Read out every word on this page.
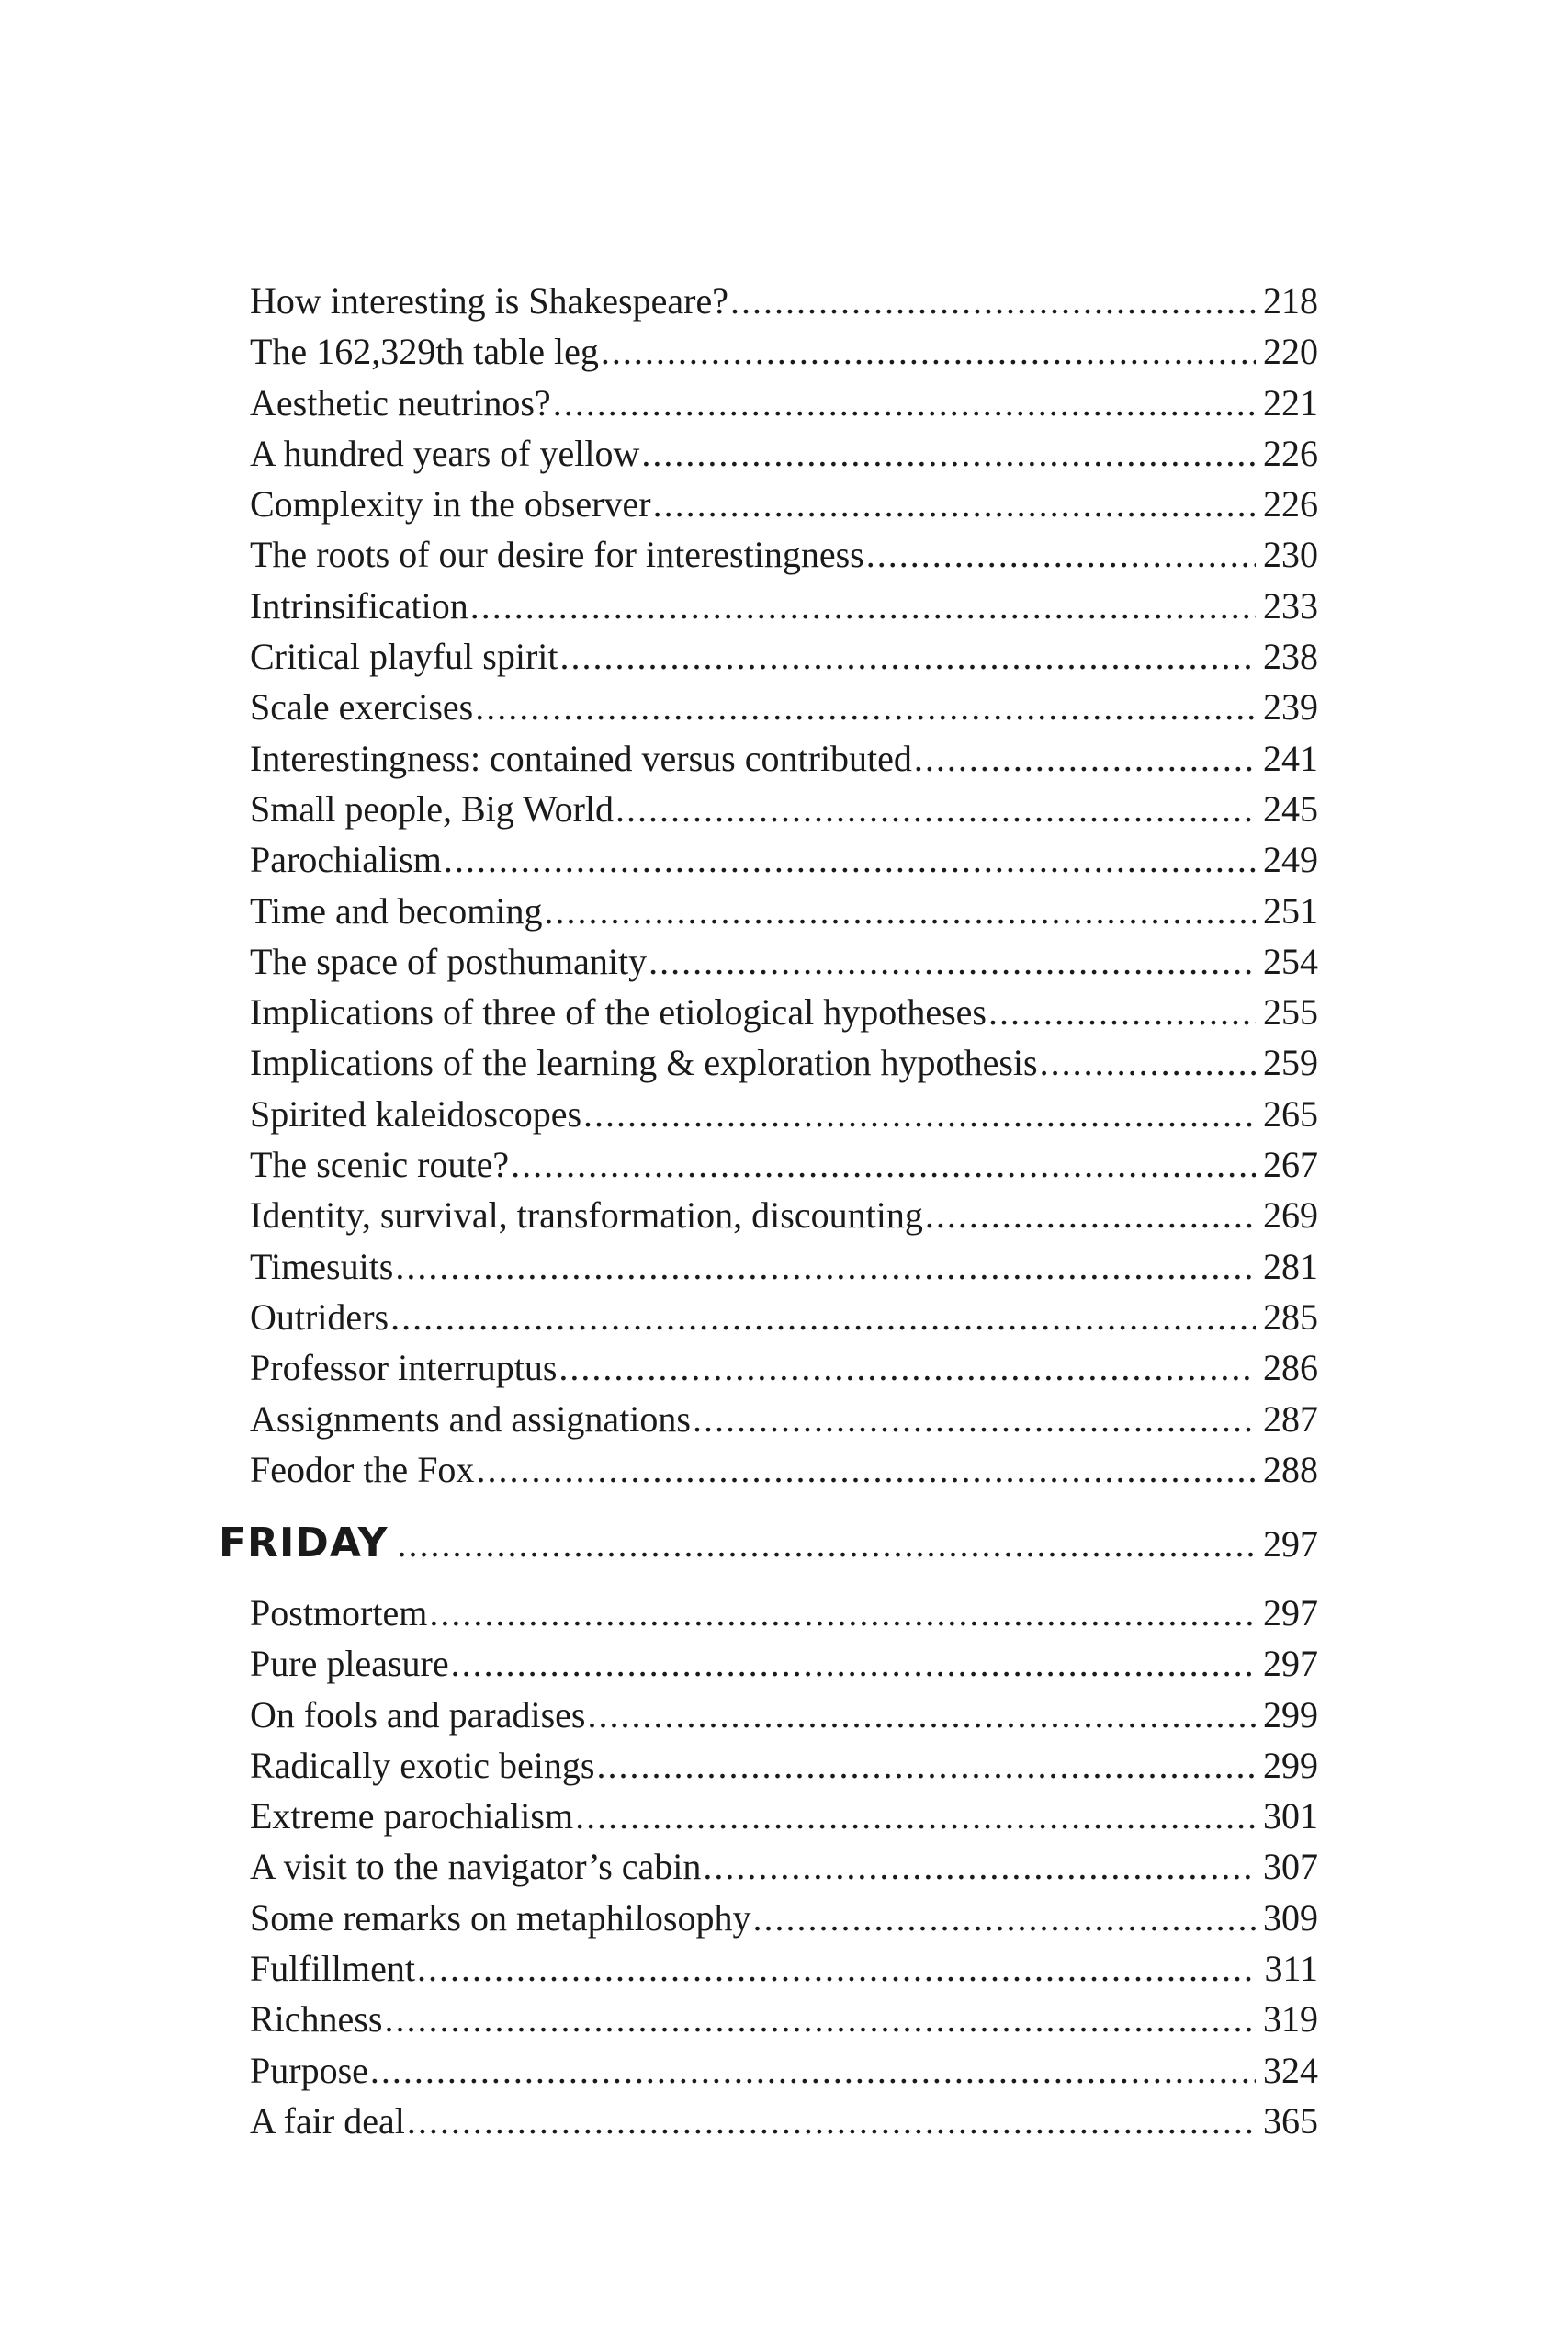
How interesting is Shakespeare? .....	218
The 162,329th table leg .....	220
Aesthetic neutrinos? .....	221
A hundred years of yellow .....	226
Complexity in the observer .....	226
The roots of our desire for interestingness .....	230
Intrinsification .....	233
Critical playful spirit .....	238
Scale exercises .....	239
Interestingness: contained versus contributed .....	241
Small people, Big World .....	245
Parochialism .....	249
Time and becoming .....	251
The space of posthumanity .....	254
Implications of three of the etiological hypotheses .....	255
Implications of the learning & exploration hypothesis .....	259
Spirited kaleidoscopes .....	265
The scenic route? .....	267
Identity, survival, transformation, discounting .....	269
Timesuits .....	281
Outriders .....	285
Professor interruptus .....	286
Assignments and assignations .....	287
Feodor the Fox .....	288
FRIDAY .....	297
Postmortem .....	297
Pure pleasure .....	297
On fools and paradises .....	299
Radically exotic beings .....	299
Extreme parochialism .....	301
A visit to the navigator’s cabin .....	307
Some remarks on metaphilosophy .....	309
Fulfillment .....	311
Richness .....	319
Purpose .....	324
A fair deal .....	365
